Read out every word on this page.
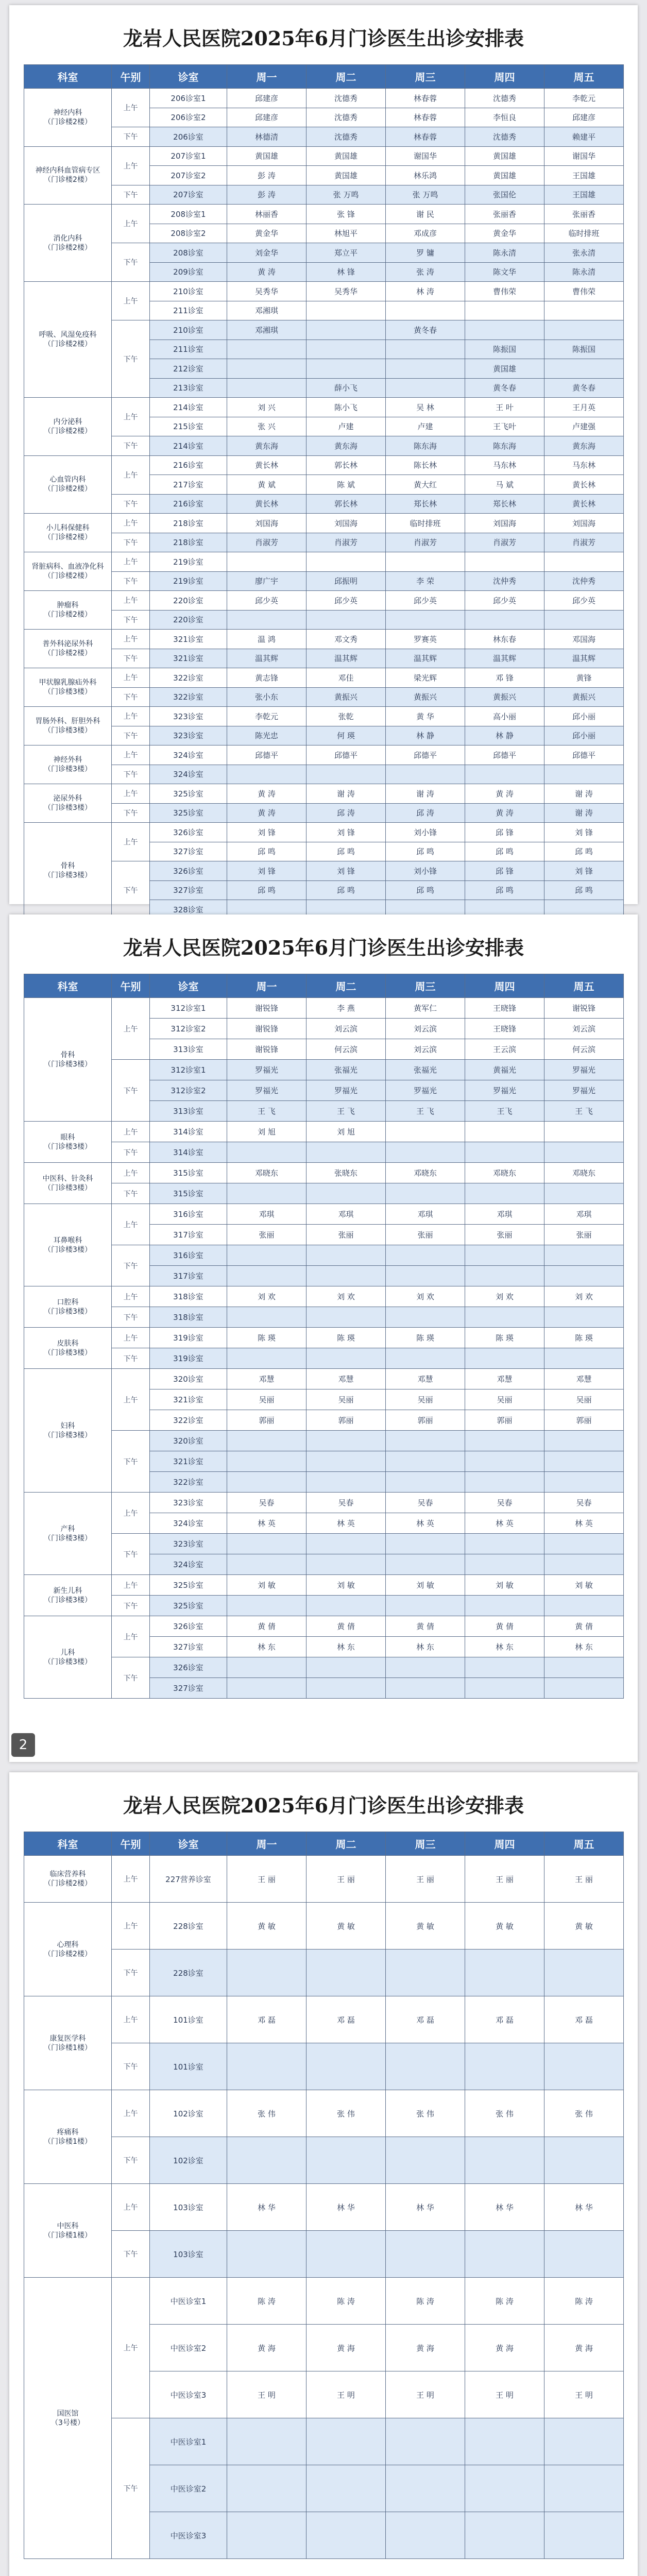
龙岩人民医院2025年6月门诊医生出诊安排表
科室	午别	诊室	周一	周二	周三	周四	周五
神经内科
（门诊楼2楼）	上午	206诊室1	邱建彦	沈德秀	林春蓉	沈德秀	李乾元
		206诊室2	邱建彦	沈德秀	林春蓉	李恒良	邱建彦
	下午	206诊室	林德清	沈德秀	林春蓉	沈德秀	赖建平
神经内科血管病专区
（门诊楼2楼）	上午	207诊室1	黄国雄	黄国雄	谢国华	黄国雄	谢国华
		207诊室2	彭 涛	黄国雄	林乐鸿	黄国雄	王国雄
	下午	207诊室	彭 涛	张 万鸣	张 万鸣	张国伦	王国雄
消化内科
（门诊楼2楼）	上午	208诊室1	林丽香	张 锋	谢 民	张丽香	张丽香
		208诊室2	黄金华	林旭平	邓成彦	黄金华	临时排班
	下午	208诊室	刘金华	郑立平	罗 镛	陈永清	张永清
		209诊室	黄 涛	林 锋	张 涛	陈文华	陈永清
呼吸、风湿免疫科
（门诊楼2楼）	上午	210诊室	吴秀华	吴秀华	林 涛	曹伟荣	曹伟荣
		211诊室	邓湘琪				
	下午	210诊室	邓湘琪		黄冬春		
		211诊室				陈振国	陈振国
		212诊室				黄国雄	
		213诊室		薛小飞		黄冬春	黄冬春
内分泌科
（门诊楼2楼）	上午	214诊室	刘 兴	陈小飞	吴 林	王 叶	王月英
		215诊室	张 兴	卢建	卢建	王飞叶	卢建强
	下午	214诊室	黄东海	黄东海	陈东海	陈东海	黄东海
心血管内科
（门诊楼2楼）	上午	216诊室	黄长林	郭长林	陈长林	马东林	马东林
		217诊室	黄 斌	陈 斌	黄大红	马 斌	黄长林
	下午	216诊室	黄长林	郭长林	郑长林	郑长林	黄长林
小儿科保健科
（门诊楼2楼）	上午	218诊室	刘国海	刘国海	临时排班	刘国海	刘国海
	下午	218诊室	肖淑芳	肖淑芳	肖淑芳	肖淑芳	肖淑芳
肾脏病科、血液净化科
（门诊楼2楼）	上午	219诊室					
	下午	219诊室	廖广宇	邱振明	李 荣	沈仲秀	沈仲秀
肿瘤科
（门诊楼2楼）	上午	220诊室	邱少英	邱少英	邱少英	邱少英	邱少英
	下午	220诊室					
普外科泌尿外科
（门诊楼2楼）	上午	321诊室	温 鸿	邓文秀	罗赛英	林东春	邓国海
	下午	321诊室	温其辉	温其辉	温其辉	温其辉	温其辉
甲状腺乳腺疝外科
（门诊楼3楼）	上午	322诊室	黄志锋	邓佳	梁光辉	邓 锋	黄锋
	下午	322诊室	张小东	黄振兴	黄振兴	黄振兴	黄振兴
胃肠外科、肝胆外科
（门诊楼3楼）	上午	323诊室	李乾元	张乾	黄 华	高小丽	邱小丽
	下午	323诊室	陈光忠	何 瑛	林 静	林 静	邱小丽
神经外科
（门诊楼3楼）	上午	324诊室	邱德平	邱德平	邱德平	邱德平	邱德平
	下午	324诊室					
泌尿外科
（门诊楼3楼）	上午	325诊室	黄 涛	谢 涛	谢 涛	黄 涛	谢 涛
	下午	325诊室	黄 涛	邱 涛	邱 涛	黄 涛	谢 涛
骨科
（门诊楼3楼）	上午	326诊室	刘 锋	刘 锋	刘小锋	邱 锋	刘 锋
		327诊室	邱 鸣	邱 鸣	邱 鸣	邱 鸣	邱 鸣
	下午	326诊室	刘 锋	刘 锋	刘小锋	邱 锋	刘 锋
		327诊室	邱 鸣	邱 鸣	邱 鸣	邱 鸣	邱 鸣
		328诊室					
龙岩人民医院2025年6月门诊医生出诊安排表
科室	午别	诊室	周一	周二	周三	周四	周五
骨科
（门诊楼3楼）	上午	312诊室1	谢锐锋	李 燕	黄军仁	王晓锋	谢锐锋
		312诊室2	谢锐锋	刘云滨	刘云滨	王晓锋	刘云滨
		313诊室	谢锐锋	何云滨	刘云滨	王云滨	何云滨
	下午	312诊室1	罗福光	张福光	张福光	黄福光	罗福光
		312诊室2	罗福光	罗福光	罗福光	罗福光	罗福光
		313诊室	王 飞	王 飞	王 飞	王飞	王 飞
眼科
（门诊楼3楼）	上午	314诊室	刘 旭	刘 旭			
	下午	314诊室					
中医科、针灸科
（门诊楼3楼）	上午	315诊室	邓晓东	张晓东	邓晓东	邓晓东	邓晓东
	下午	315诊室					
耳鼻喉科
（门诊楼3楼）	上午	316诊室	邓琪	邓琪	邓琪	邓琪	邓琪
		317诊室	张丽	张丽	张丽	张丽	张丽
	下午	316诊室					
		317诊室					
口腔科
（门诊楼3楼）	上午	318诊室	刘 欢	刘 欢	刘 欢	刘 欢	刘 欢
	下午	318诊室					
皮肤科
（门诊楼3楼）	上午	319诊室	陈 瑛	陈 瑛	陈 瑛	陈 瑛	陈 瑛
	下午	319诊室					
妇科
（门诊楼3楼）	上午	320诊室	邓慧	邓慧	邓慧	邓慧	邓慧
		321诊室	吴丽	吴丽	吴丽	吴丽	吴丽
		322诊室	郭丽	郭丽	郭丽	郭丽	郭丽
	下午	320诊室					
		321诊室					
		322诊室					
产科
（门诊楼3楼）	上午	323诊室	吴春	吴春	吴春	吴春	吴春
		324诊室	林 英	林 英	林 英	林 英	林 英
	下午	323诊室					
		324诊室					
新生儿科
（门诊楼3楼）	上午	325诊室	刘 敏	刘 敏	刘 敏	刘 敏	刘 敏
	下午	325诊室					
儿科
（门诊楼3楼）	上午	326诊室	黄 倩	黄 倩	黄 倩	黄 倩	黄 倩
		327诊室	林 东	林 东	林 东	林 东	林 东
	下午	326诊室					
		327诊室					
2
龙岩人民医院2025年6月门诊医生出诊安排表
科室	午别	诊室	周一	周二	周三	周四	周五
临床营养科
（门诊楼2楼）	上午	227营养诊室	王 丽	王 丽	王 丽	王 丽	王 丽
心理科
（门诊楼2楼）	上午	228诊室	黄 敏	黄 敏	黄 敏	黄 敏	黄 敏
	下午	228诊室					
康复医学科
（门诊楼1楼）	上午	101诊室	邓 磊	邓 磊	邓 磊	邓 磊	邓 磊
	下午	101诊室					
疼痛科
（门诊楼1楼）	上午	102诊室	张 伟	张 伟	张 伟	张 伟	张 伟
	下午	102诊室					
中医科
（门诊楼1楼）	上午	103诊室	林 华	林 华	林 华	林 华	林 华
	下午	103诊室					
国医馆
（3号楼）	上午	中医诊室1	陈 涛	陈 涛	陈 涛	陈 涛	陈 涛
		中医诊室2	黄 海	黄 海	黄 海	黄 海	黄 海
		中医诊室3	王 明	王 明	王 明	王 明	王 明
	下午	中医诊室1					
		中医诊室2					
		中医诊室3					
